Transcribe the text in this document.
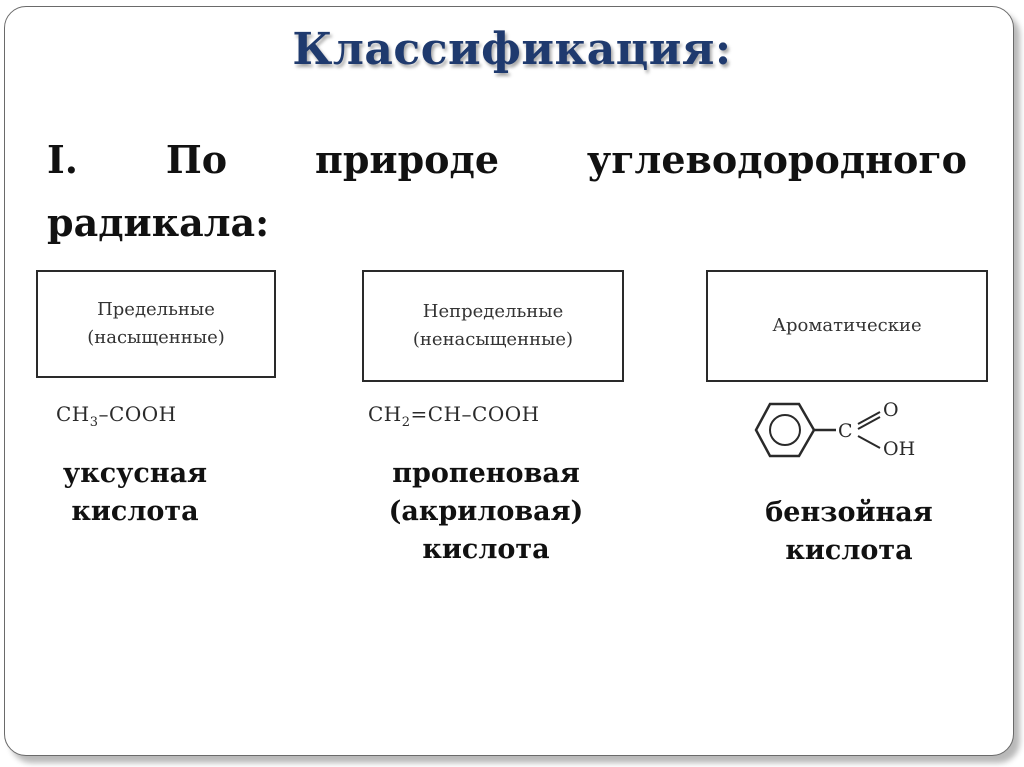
Классификация:
I. По природе углеводородного
радикала:
Предельные
(насыщенные)
Непредельные
(ненасыщенные)
Ароматические
$CH_3$–COOH	$CH_2=CH$–COOH
C
O
OH
уксусная
кислота
пропеновая
(акриловая)
кислота
бензойная
кислота
